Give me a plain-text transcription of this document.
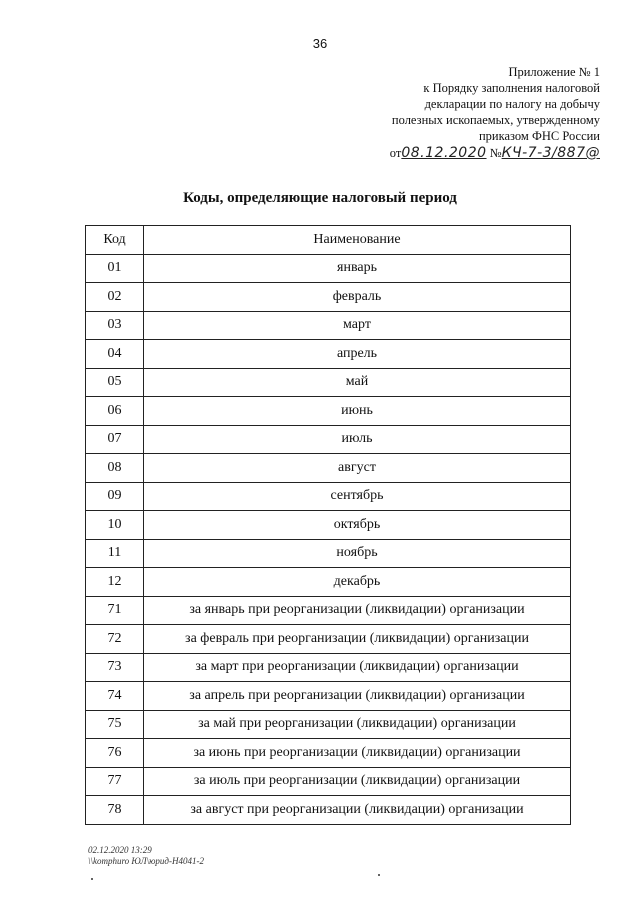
36
Приложение № 1
к Порядку заполнения налоговой
декларации по налогу на добычу
полезных ископаемых, утвержденному
приказом ФНС России
от08.12.2020 №КЧ-7-3/887@
Коды, определяющие налоговый период
Код	Наименование
01	январь
02	февраль
03	март
04	апрель
05	май
06	июнь
07	июль
08	август
09	сентябрь
10	октябрь
11	ноябрь
12	декабрь
71	за январь при реорганизации (ликвидации) организации
72	за февраль при реорганизации (ликвидации) организации
73	за март при реорганизации (ликвидации) организации
74	за апрель при реорганизации (ликвидации) организации
75	за май при реорганизации (ликвидации) организации
76	за июнь при реорганизации (ликвидации) организации
77	за июль при реорганизации (ликвидации) организации
78	за август при реорганизации (ликвидации) организации
02.12.2020 13:29
\\komphuro ЮЛ\юрид-Н4041-2
